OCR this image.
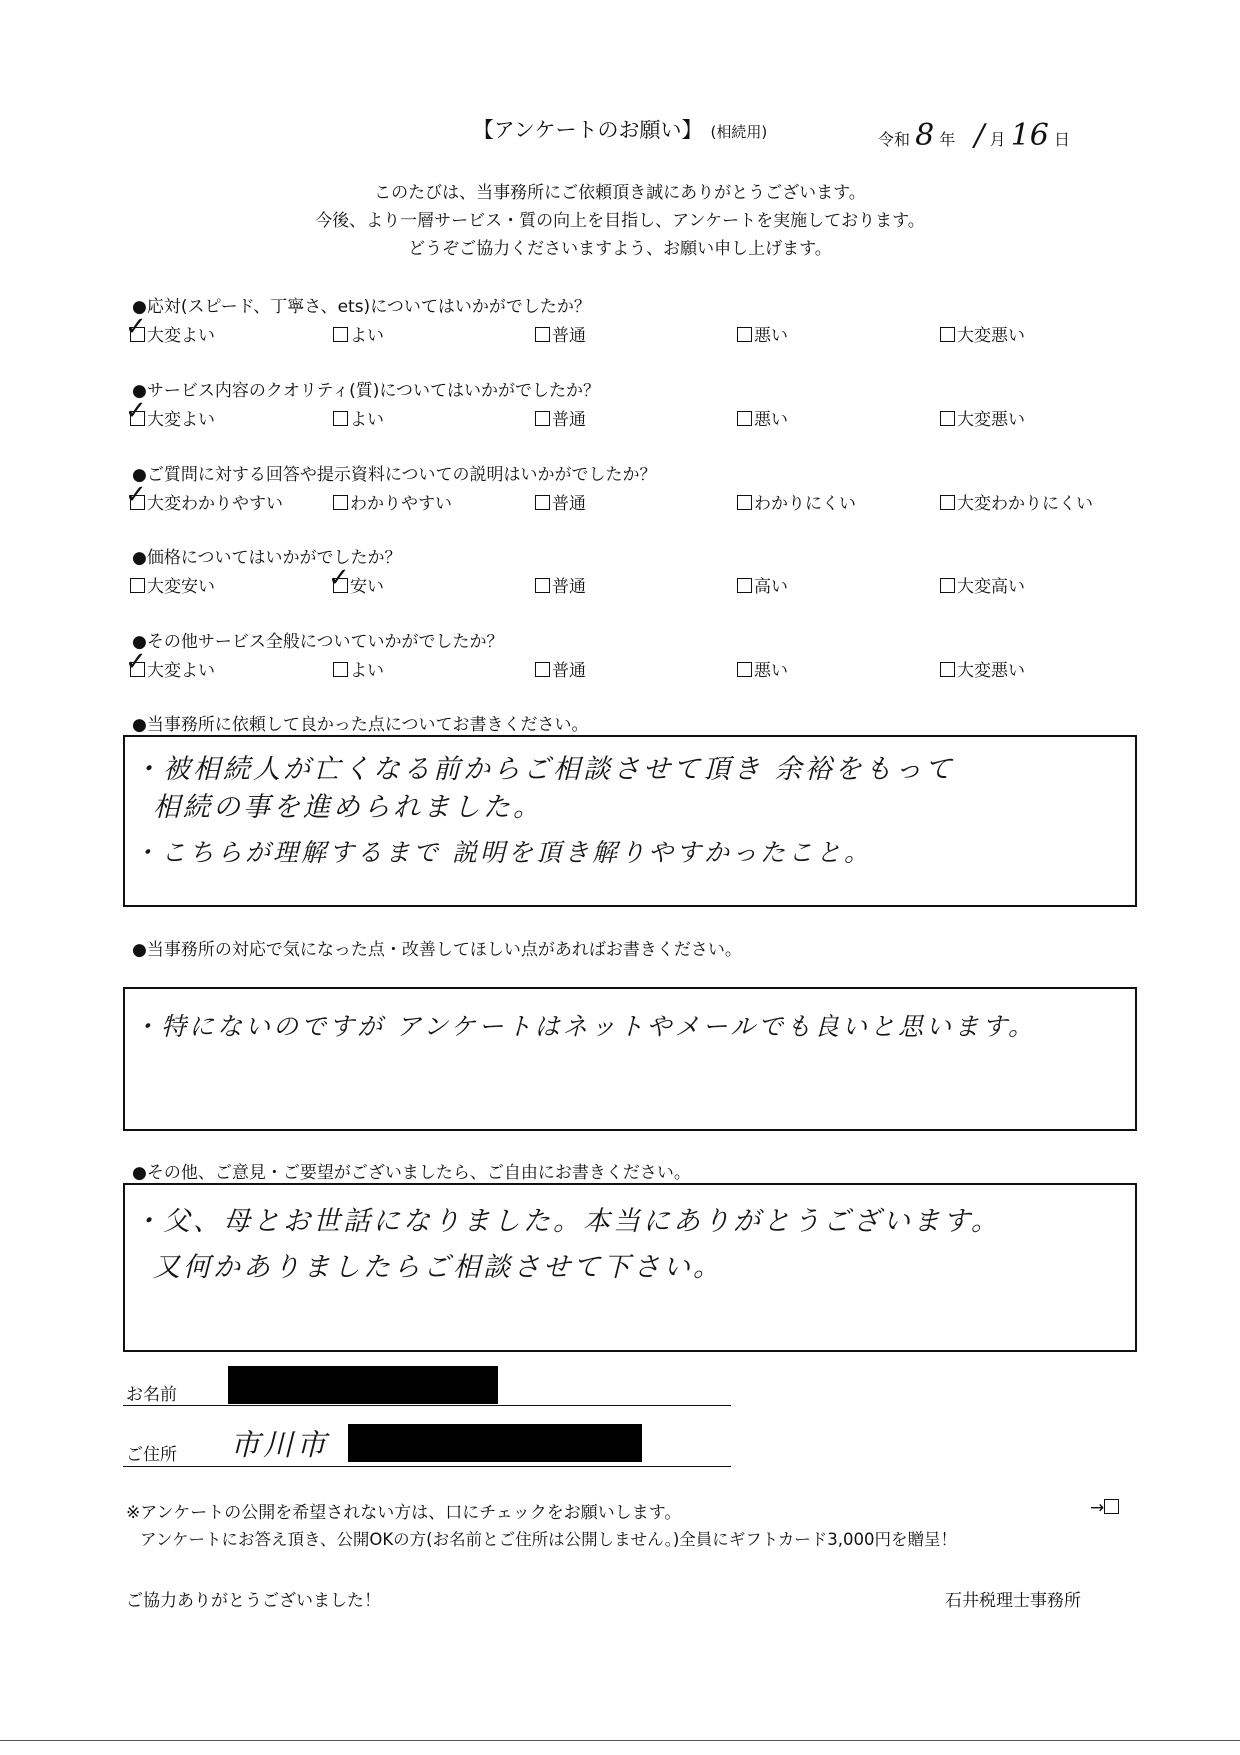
【アンケートのお願い】 (相続用)	令和 8 年 / 月 16 日
このたびは、当事務所にご依頼頂き誠にありがとうございます。
今後、より一層サービス・質の向上を目指し、アンケートを実施しております。
どうぞご協力くださいますよう、お願い申し上げます。
●応対(スピード、丁寧さ、ets)についてはいかがでしたか？
✓ 大変よい	よい	普通	悪い	大変悪い
●サービス内容のクオリティ(質)についてはいかがでしたか？
✓ 大変よい	よい	普通	悪い	大変悪い
●ご質問に対する回答や提示資料についての説明はいかがでしたか？
✓ 大変わかりやすい	わかりやすい	普通	わかりにくい	大変わかりにくい
●価格についてはいかがでしたか？
大変安い	✓ 安い	普通	高い	大変高い
●その他サービス全般についていかがでしたか？
✓ 大変よい	よい	普通	悪い	大変悪い
●当事務所に依頼して良かった点についてお書きください。
・被相続人が亡くなる前からご相談させて頂き 余裕をもって
相続の事を進められました。
・こちらが理解するまで 説明を頂き解りやすかったこと。
●当事務所の対応で気になった点・改善してほしい点があればお書きください。
・特にないのですが アンケートはネットやメールでも良いと思います。
●その他、ご意見・ご要望がございましたら、ご自由にお書きください。
・父、母とお世話になりました。本当にありがとうございます。
又何かありましたらご相談させて下さい。
お名前
ご住所 市川市
※アンケートの公開を希望されない方は、口にチェックをお願いします。	→
アンケートにお答え頂き、公開OKの方(お名前とご住所は公開しません。)全員にギフトカード3,000円を贈呈！
ご協力ありがとうございました！	石井税理士事務所
